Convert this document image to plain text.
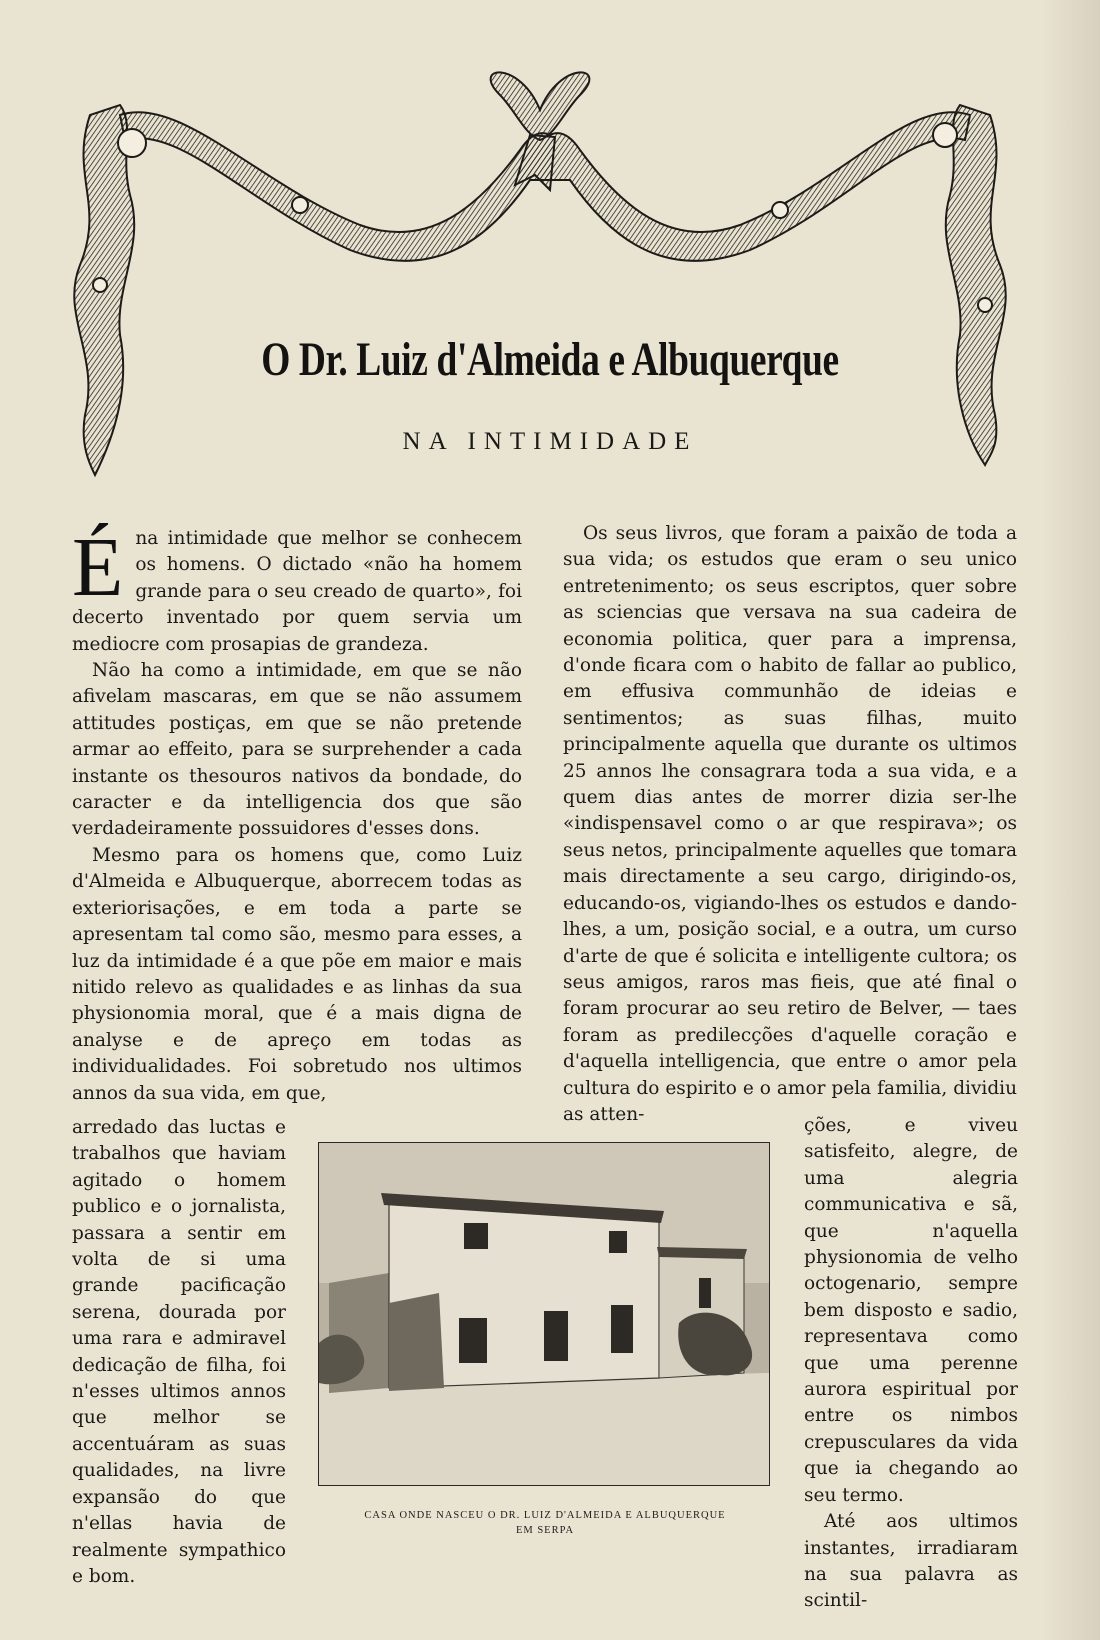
O Dr. Luiz d'Almeida e Albuquerque
NA INTIMIDADE
É na intimidade que melhor se conhecem os homens. O dictado «não ha homem grande para o seu creado de quarto», foi decerto inventado por quem servia um mediocre com prosapias de grandeza.

Não ha como a intimidade, em que se não afivelam mascaras, em que se não assumem attitudes postiças, em que se não pretende armar ao effeito, para se surprehender a cada instante os thesouros nativos da bondade, do caracter e da intelligencia dos que são verdadeiramente possuidores d'esses dons.

Mesmo para os homens que, como Luiz d'Almeida e Albuquerque, aborrecem todas as exteriorisações, e em toda a parte se apresentam tal como são, mesmo para esses, a luz da intimidade é a que põe em maior e mais nitido relevo as qualidades e as linhas da sua physionomia moral, que é a mais digna de analyse e de apreço em todas as individualidades. Foi sobretudo nos ultimos annos da sua vida, em que,

arredado das luctas e trabalhos que haviam agitado o homem publico e o jornalista, passara a sentir em volta de si uma grande pacificação serena, dourada por uma rara e admiravel dedicação de filha, foi n'esses ultimos annos que melhor se accentuáram as suas qualidades, na livre expansão do que n'ellas havia de realmente sympathico e bom.

Os seus livros, que foram a paixão de toda a sua vida; os estudos que eram o seu unico entretenimento; os seus escriptos, quer sobre as sciencias que versava na sua cadeira de economia politica, quer para a imprensa, d'onde ficara com o habito de fallar ao publico, em effusiva communhão de ideias e sentimentos; as suas filhas, muito principalmente aquella que durante os ultimos 25 annos lhe consagrara toda a sua vida, e a quem dias antes de morrer dizia ser-lhe «indispensavel como o ar que respirava»; os seus netos, principalmente aquelles que tomara mais directamente a seu cargo, dirigindo-os, educando-os, vigiando-lhes os estudos e dando-lhes, a um, posição social, e a outra, um curso d'arte de que é solicita e intelligente cultora; os seus amigos, raros mas fieis, que até final o foram procurar ao seu retiro de Belver, — taes foram as predilecções d'aquelle coração e d'aquella intelligencia, que entre o amor pela cultura do espirito e o amor pela familia, dividiu as atten-

ções, e viveu satisfeito, alegre, de uma alegria communicativa e sã, que n'aquella physionomia de velho octogenario, sempre bem disposto e sadio, representava como que uma perenne aurora espiritual por entre os nimbos crepusculares da vida que ia chegando ao seu termo.

Até aos ultimos instantes, irradiaram na sua palavra as scintil-

CASA ONDE NASCEU O DR. LUIZ D'ALMEIDA E ALBUQUERQUE
EM SERPA
